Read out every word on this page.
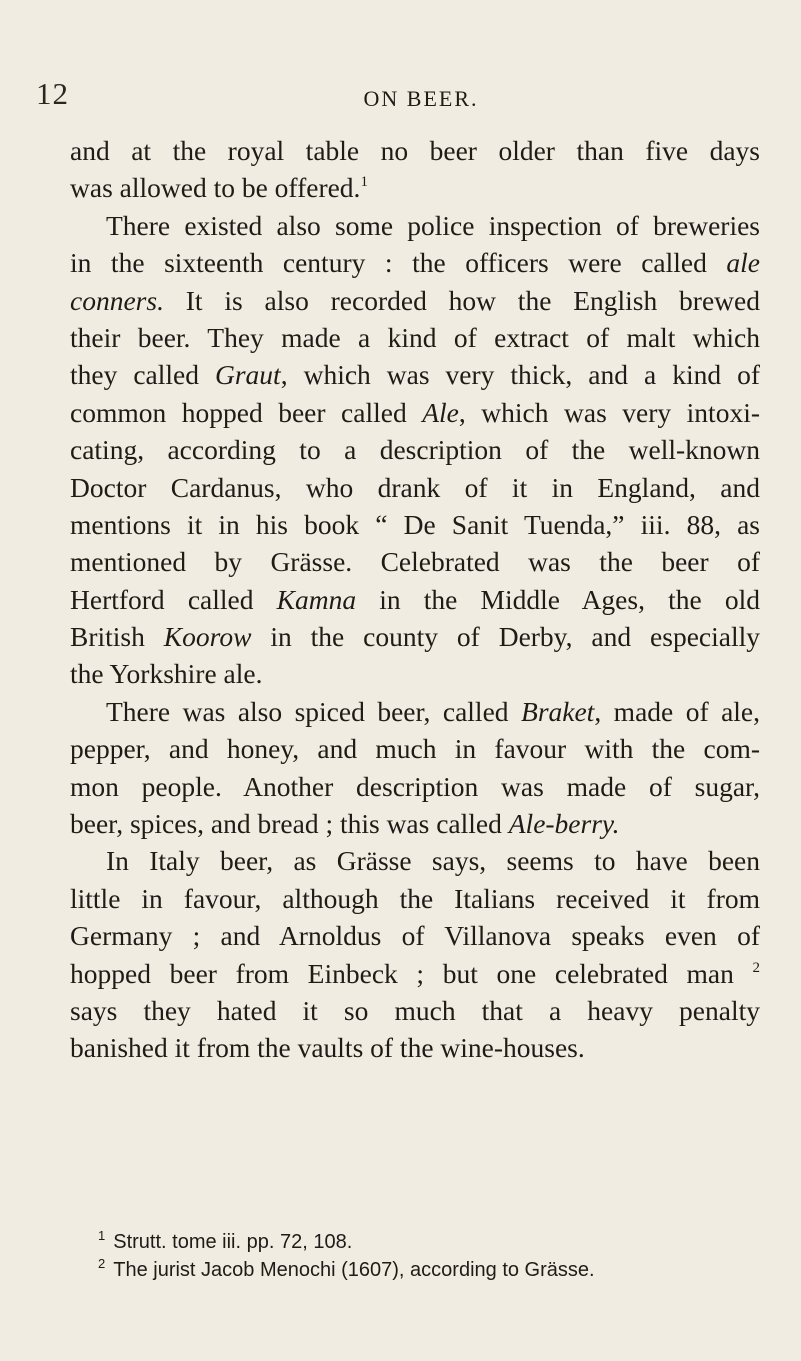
12	ON BEER.
and at the royal table no beer older than five days
was allowed to be offered.$^1$
There existed also some police inspection of breweries
in the sixteenth century : the officers were called ale
conners. It is also recorded how the English brewed
their beer. They made a kind of extract of malt which
they called Graut, which was very thick, and a kind of
common hopped beer called Ale, which was very intoxi-
cating, according to a description of the well-known
Doctor Cardanus, who drank of it in England, and
mentions it in his book “ De Sanit Tuenda,” iii. 88, as
mentioned by Grässe. Celebrated was the beer of
Hertford called Kamna in the Middle Ages, the old
British Koorow in the county of Derby, and especially
the Yorkshire ale.
There was also spiced beer, called Braket, made of ale,
pepper, and honey, and much in favour with the com-
mon people. Another description was made of sugar,
beer, spices, and bread ; this was called Ale-berry.
In Italy beer, as Grässe says, seems to have been
little in favour, although the Italians received it from
Germany ; and Arnoldus of Villanova speaks even of
hopped beer from Einbeck ; but one celebrated man $^2$
says they hated it so much that a heavy penalty
banished it from the vaults of the wine-houses.
$^1$ Strutt. tome iii. pp. 72, 108.
$^2$ The jurist Jacob Menochi (1607), according to Grässe.
